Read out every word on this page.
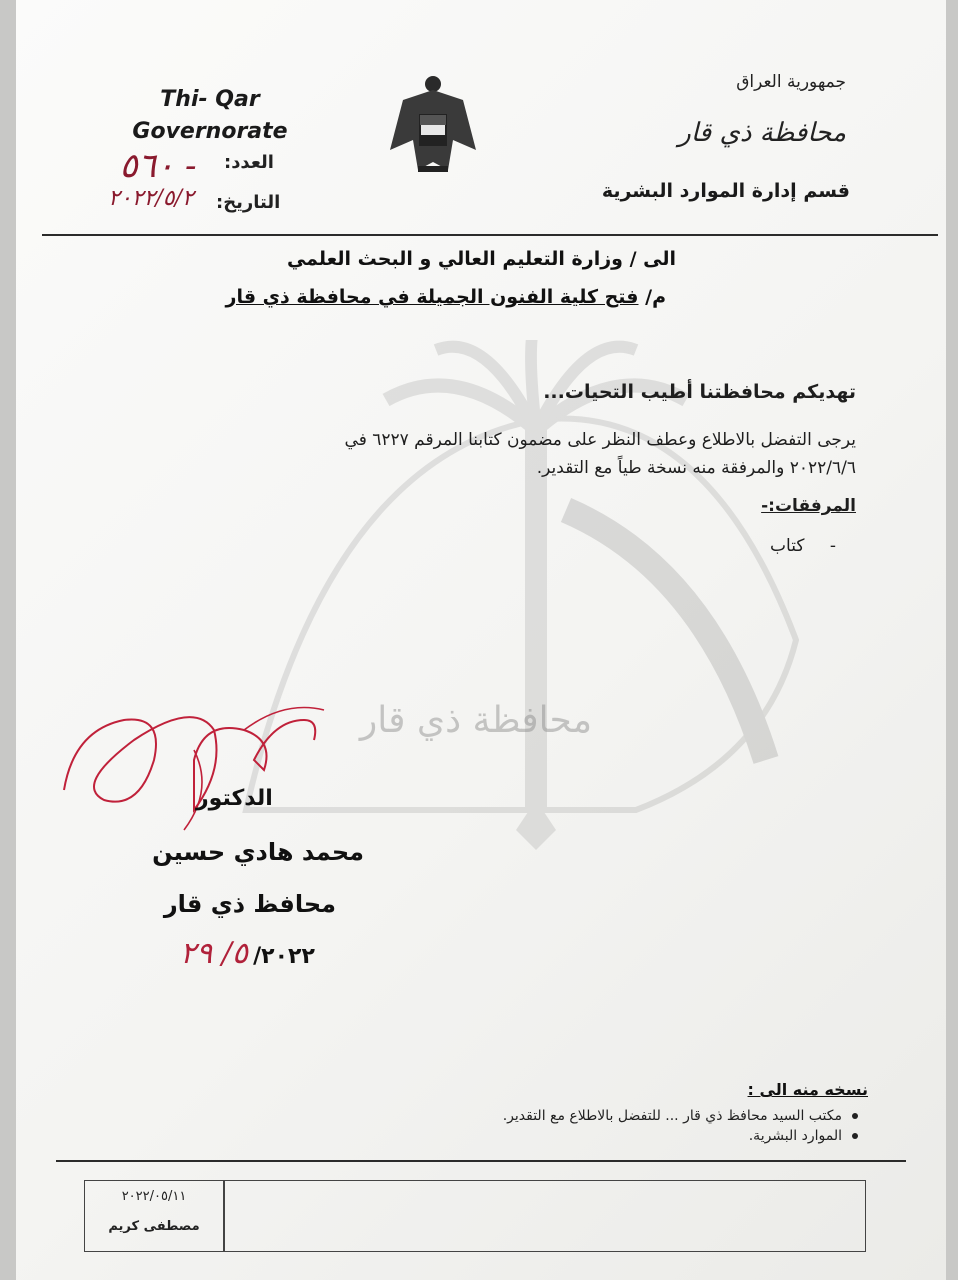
محافظة ذي قار
Thi- Qar Governorate
جمهورية العراق
محافظة ذي قار
قسم إدارة الموارد البشرية
العدد:
- ٥٦٠
التاريخ:
٢٠٢٢/٥/٢
الى / وزارة التعليم العالي و البحث العلمي
م/ فتح كلية الفنون الجميلة في محافظة ذي قار
تهديكم محافظتنا أطيب التحيات...
يرجى التفضل بالاطلاع وعطف النظر على مضمون كتابنا المرقم ٦٢٢٧ في
٢٠٢٢/٦/٦ والمرفقة منه نسخة طياً مع التقدير.
المرفقات:-
- كتاب
الدكتور
محمد هادي حسين
محافظ ذي قار
٢٠٢٢/ ٥/ ٢٩
نسخه منه الى :
مكتب السيد محافظ ذي قار ... للتفضل بالاطلاع مع التقدير.
الموارد البشرية.
٢٠٢٢/٠٥/١١
مصطفى كريم
